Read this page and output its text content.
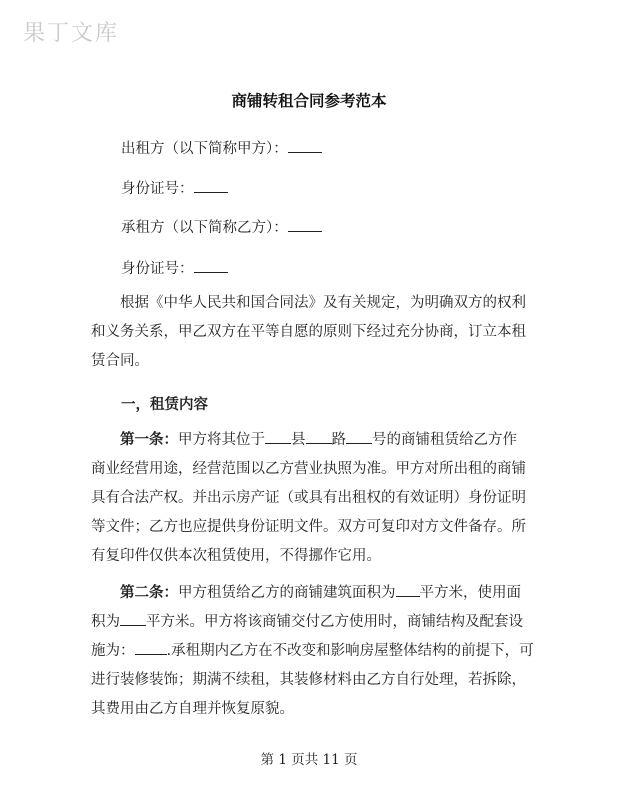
果丁文库
商铺转租合同参考范本
出租方（以下简称甲方）：
身份证号：
承租方（以下简称乙方）：
身份证号：
根据《中华人民共和国合同法》及有关规定，为明确双方的权利
和义务关系，甲乙双方在平等自愿的原则下经过充分协商，订立本租
赁合同。
一，租赁内容
第一条：甲方将其位于 县 路 号的商铺租赁给乙方作
商业经营用途，经营范围以乙方营业执照为准。甲方对所出租的商铺
具有合法产权。并出示房产证（或具有出租权的有效证明）身份证明
等文件；乙方也应提供身份证明文件。双方可复印对方文件备存。所
有复印件仅供本次租赁使用，不得挪作它用。
第二条：甲方租赁给乙方的商铺建筑面积为 平方米，使用面
积为 平方米。甲方将该商铺交付乙方使用时，商铺结构及配套设
施为： .承租期内乙方在不改变和影响房屋整体结构的前提下，可
进行装修装饰；期满不续租，其装修材料由乙方自行处理，若拆除，
其费用由乙方自理并恢复原貌。
第 1 页共 11 页
